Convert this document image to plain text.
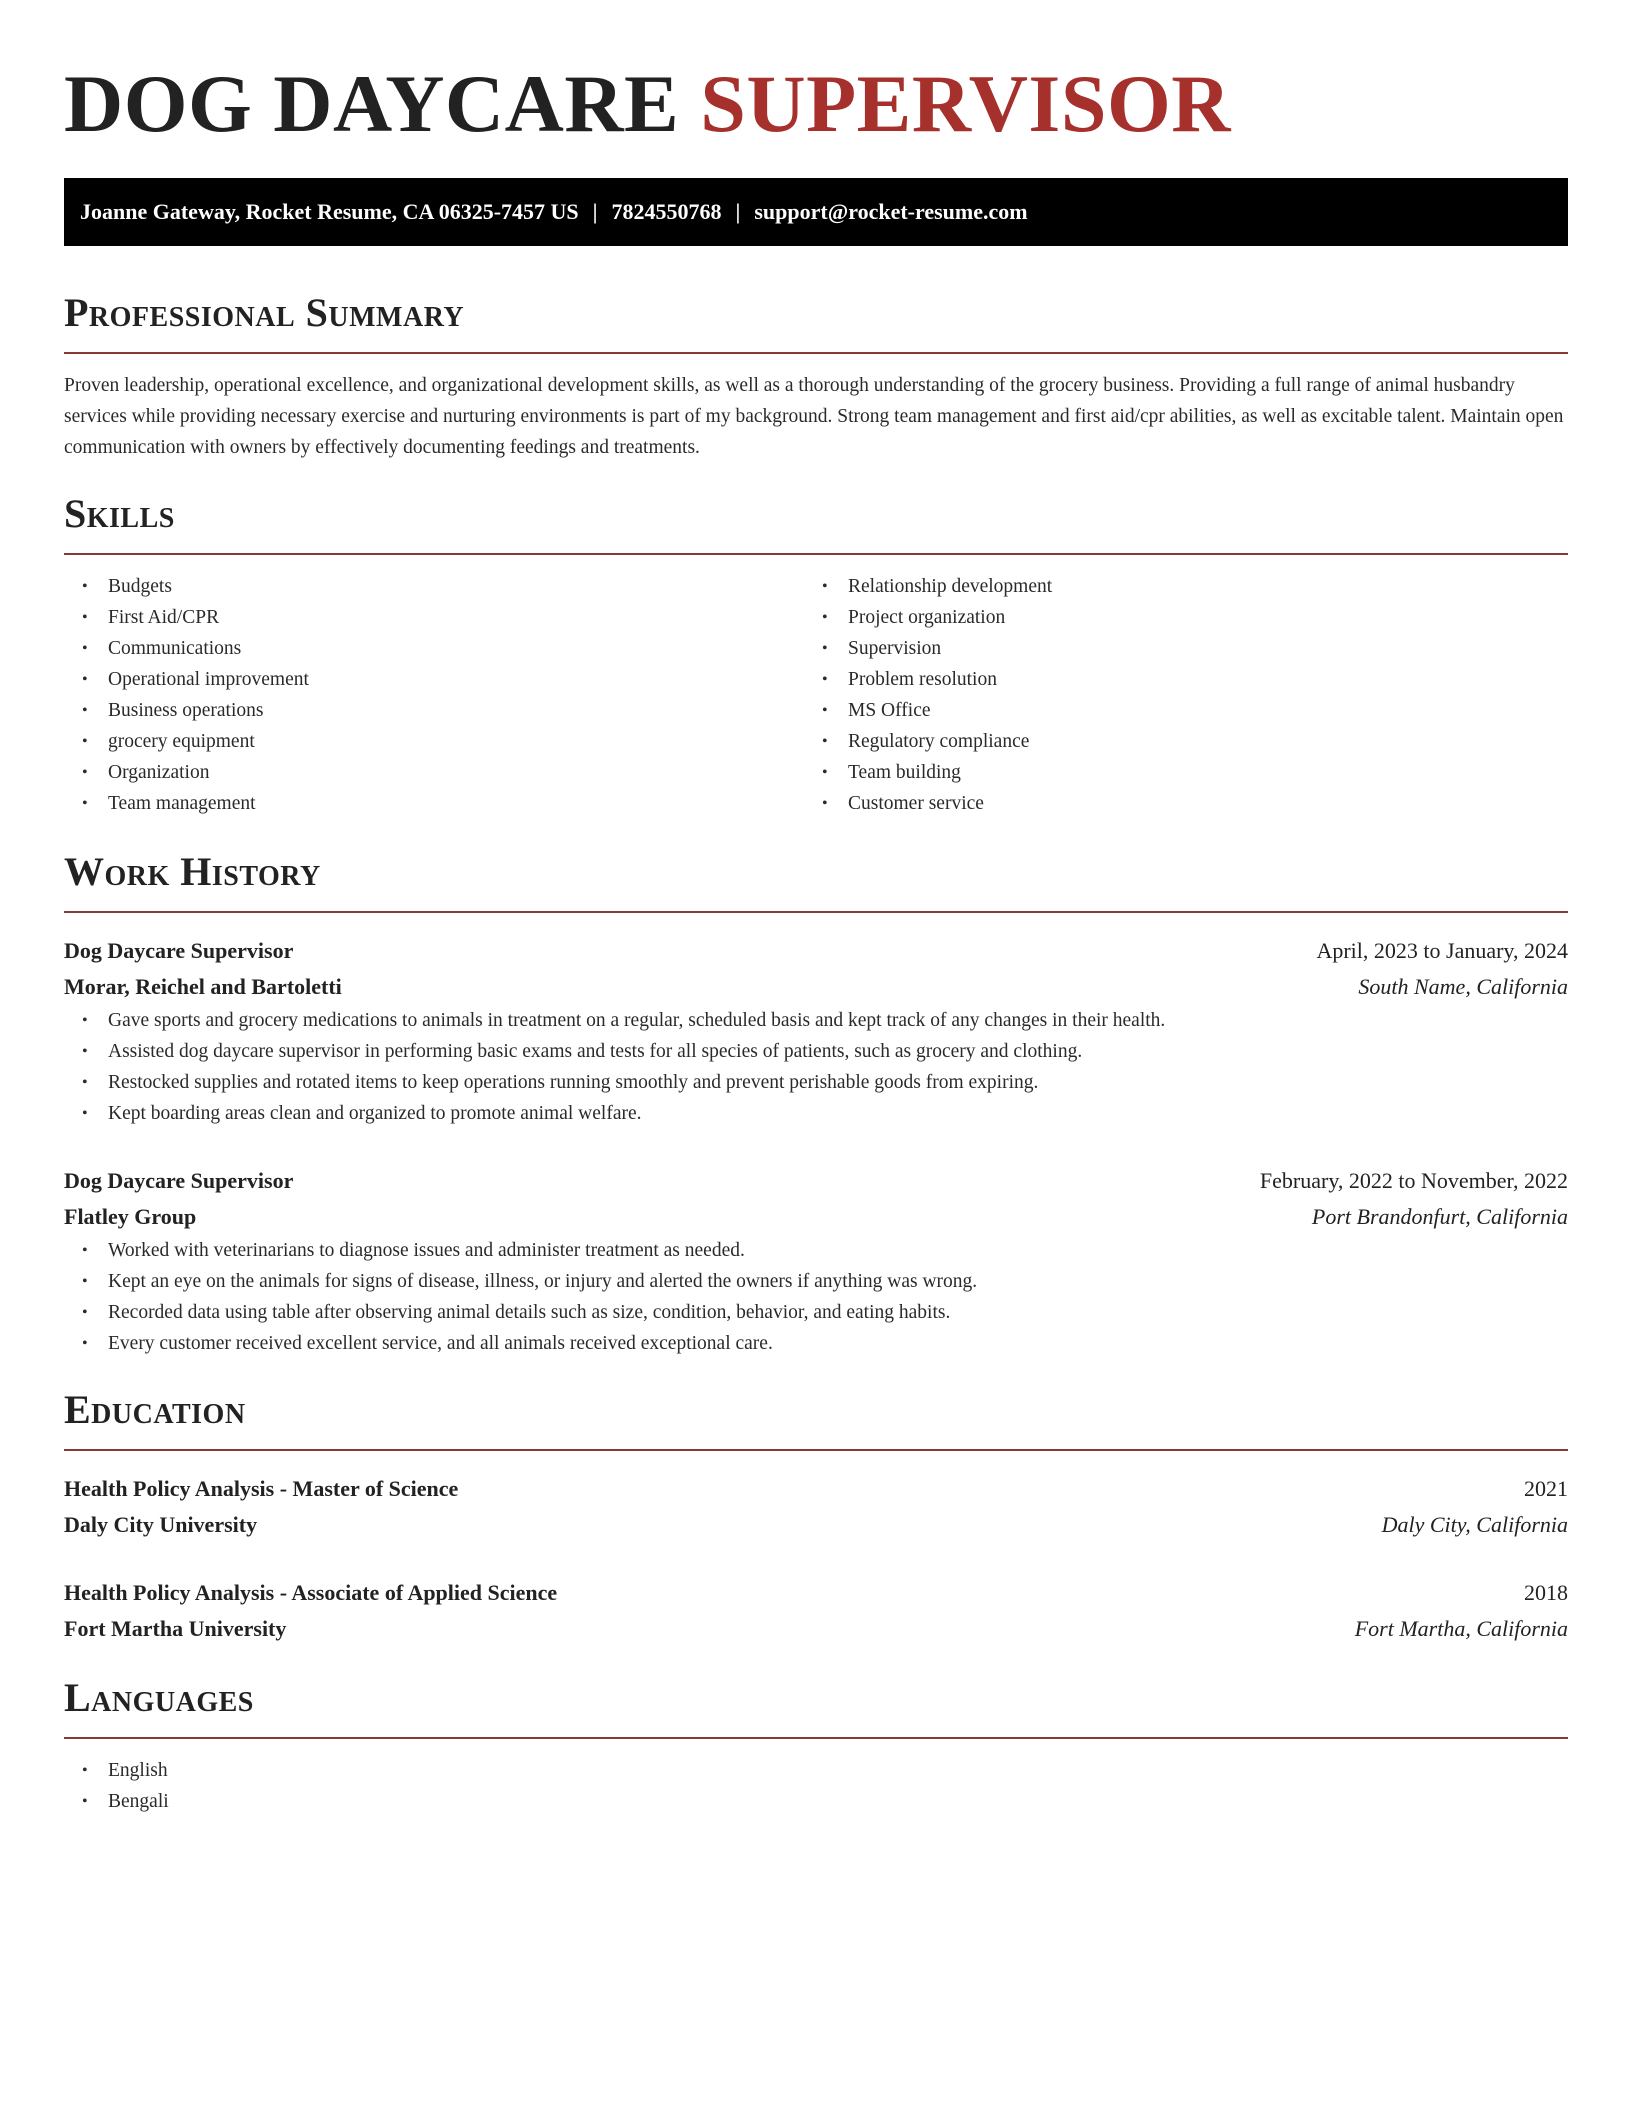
DOG DAYCARE SUPERVISOR
Joanne Gateway, Rocket Resume, CA 06325-7457 US | 7824550768 | support@rocket-resume.com
Professional Summary

Proven leadership, operational excellence, and organizational development skills, as well as a thorough understanding of the grocery business. Providing a full range of animal husbandry services while providing necessary exercise and nurturing environments is part of my background. Strong team management and first aid/cpr abilities, as well as excitable talent. Maintain open communication with owners by effectively documenting feedings and treatments.

Skills
• Budgets
• First Aid/CPR
• Communications
• Operational improvement
• Business operations
• grocery equipment
• Organization
• Team management
• Relationship development
• Project organization
• Supervision
• Problem resolution
• MS Office
• Regulatory compliance
• Team building
• Customer service
Work History
Dog Daycare Supervisor	April, 2023 to January, 2024
Morar, Reichel and Bartoletti	South Name, California
• Gave sports and grocery medications to animals in treatment on a regular, scheduled basis and kept track of any changes in their health.
• Assisted dog daycare supervisor in performing basic exams and tests for all species of patients, such as grocery and clothing.
• Restocked supplies and rotated items to keep operations running smoothly and prevent perishable goods from expiring.
• Kept boarding areas clean and organized to promote animal welfare.
Dog Daycare Supervisor	February, 2022 to November, 2022
Flatley Group	Port Brandonfurt, California
• Worked with veterinarians to diagnose issues and administer treatment as needed.
• Kept an eye on the animals for signs of disease, illness, or injury and alerted the owners if anything was wrong.
• Recorded data using table after observing animal details such as size, condition, behavior, and eating habits.
• Every customer received excellent service, and all animals received exceptional care.
Education
Health Policy Analysis - Master of Science	2021
Daly City University	Daly City, California
Health Policy Analysis - Associate of Applied Science	2018
Fort Martha University	Fort Martha, California
Languages
• English
• Bengali
